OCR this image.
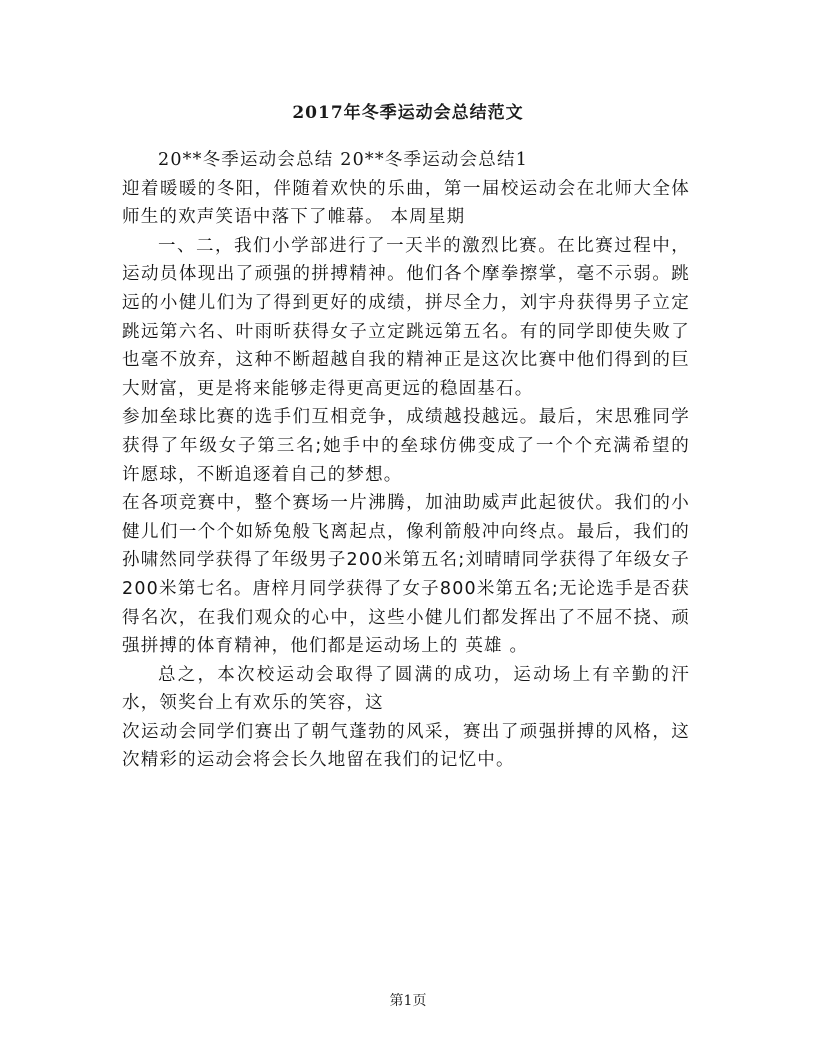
2017年冬季运动会总结范文

20**冬季运动会总结 20**冬季运动会总结1

迎着暖暖的冬阳，伴随着欢快的乐曲，第一届校运动会在北师大全体师生的欢声笑语中落下了帷幕。 本周星期

一、二，我们小学部进行了一天半的激烈比赛。在比赛过程中，运动员体现出了顽强的拼搏精神。他们各个摩拳擦掌，毫不示弱。跳远的小健儿们为了得到更好的成绩，拼尽全力，刘宇舟获得男子立定跳远第六名、叶雨昕获得女子立定跳远第五名。有的同学即使失败了也毫不放弃，这种不断超越自我的精神正是这次比赛中他们得到的巨大财富，更是将来能够走得更高更远的稳固基石。

参加垒球比赛的选手们互相竞争，成绩越投越远。最后，宋思雅同学获得了年级女子第三名;她手中的垒球仿佛变成了一个个充满希望的许愿球，不断追逐着自己的梦想。

在各项竞赛中，整个赛场一片沸腾，加油助威声此起彼伏。我们的小健儿们一个个如矫兔般飞离起点，像利箭般冲向终点。最后，我们的孙啸然同学获得了年级男子200米第五名;刘晴晴同学获得了年级女子200米第七名。唐梓月同学获得了女子800米第五名;无论选手是否获得名次，在我们观众的心中，这些小健儿们都发挥出了不屈不挠、顽强拼搏的体育精神，他们都是运动场上的 英雄 。

总之，本次校运动会取得了圆满的成功，运动场上有辛勤的汗水，领奖台上有欢乐的笑容，这

次运动会同学们赛出了朝气蓬勃的风采，赛出了顽强拼搏的风格，这次精彩的运动会将会长久地留在我们的记忆中。

第1页
